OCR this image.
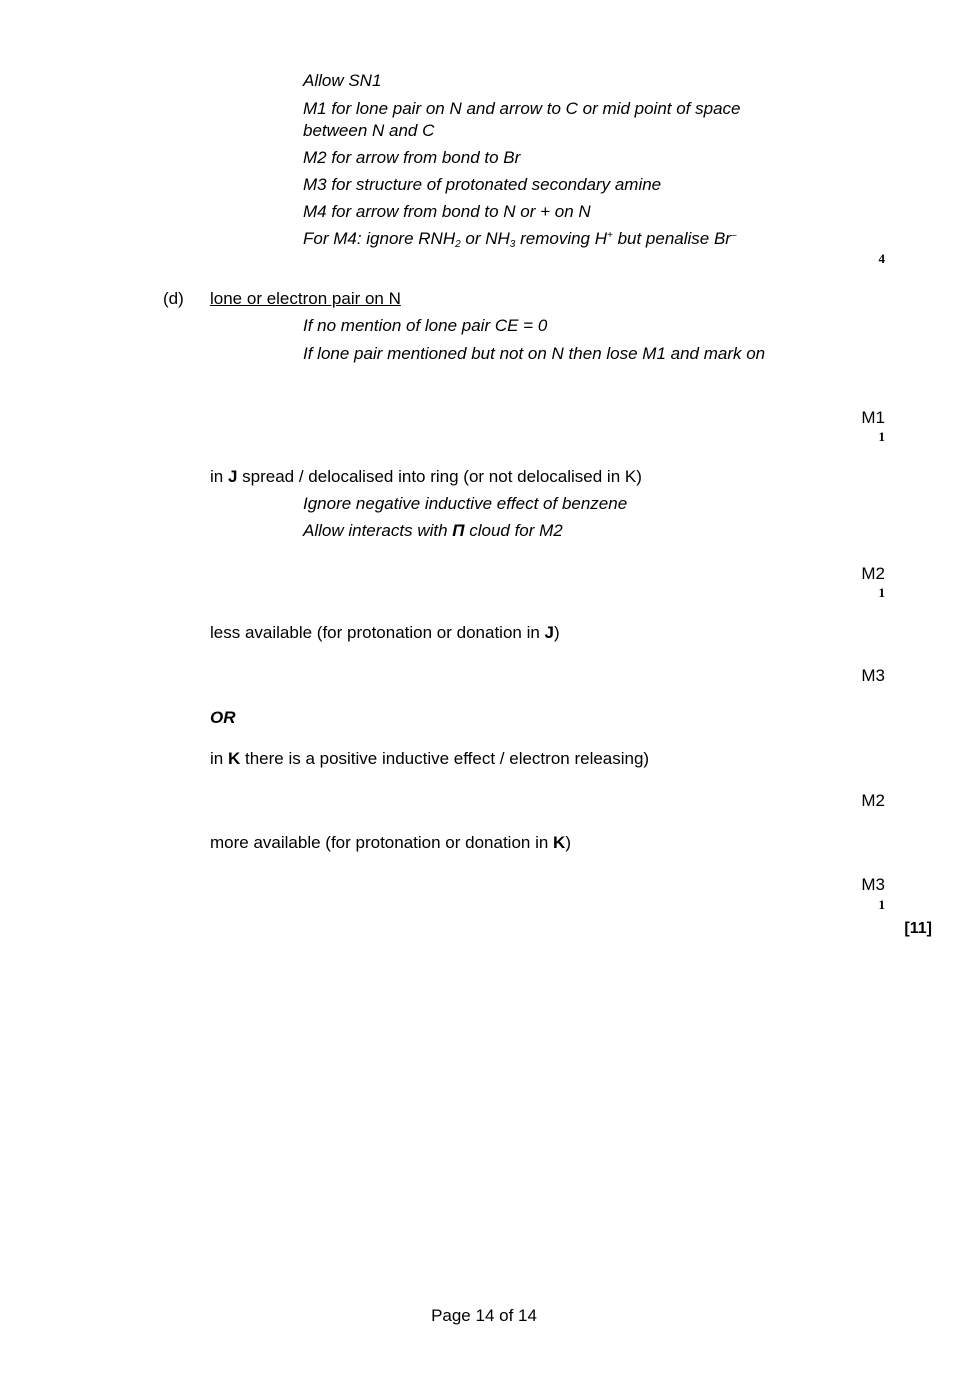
Allow SN1
M1 for lone pair on N and arrow to C or mid point of space between N and C
M2 for arrow from bond to Br
M3 for structure of protonated secondary amine
M4 for arrow from bond to N or + on N
For M4: ignore $RNH_2$ or $NH_3$ removing H+ but penalise Br–
4
(d) lone or electron pair on N
If no mention of lone pair CE = 0
If lone pair mentioned but not on N then lose M1 and mark on
M1
1
in J spread / delocalised into ring (or not delocalised in K)
Ignore negative inductive effect of benzene
Allow interacts with Π cloud for M2
M2
1
less available (for protonation or donation in J)
M3
OR
in K there is a positive inductive effect / electron releasing)
M2
more available (for protonation or donation in K)
M3
1
[11]
Page 14 of 14
